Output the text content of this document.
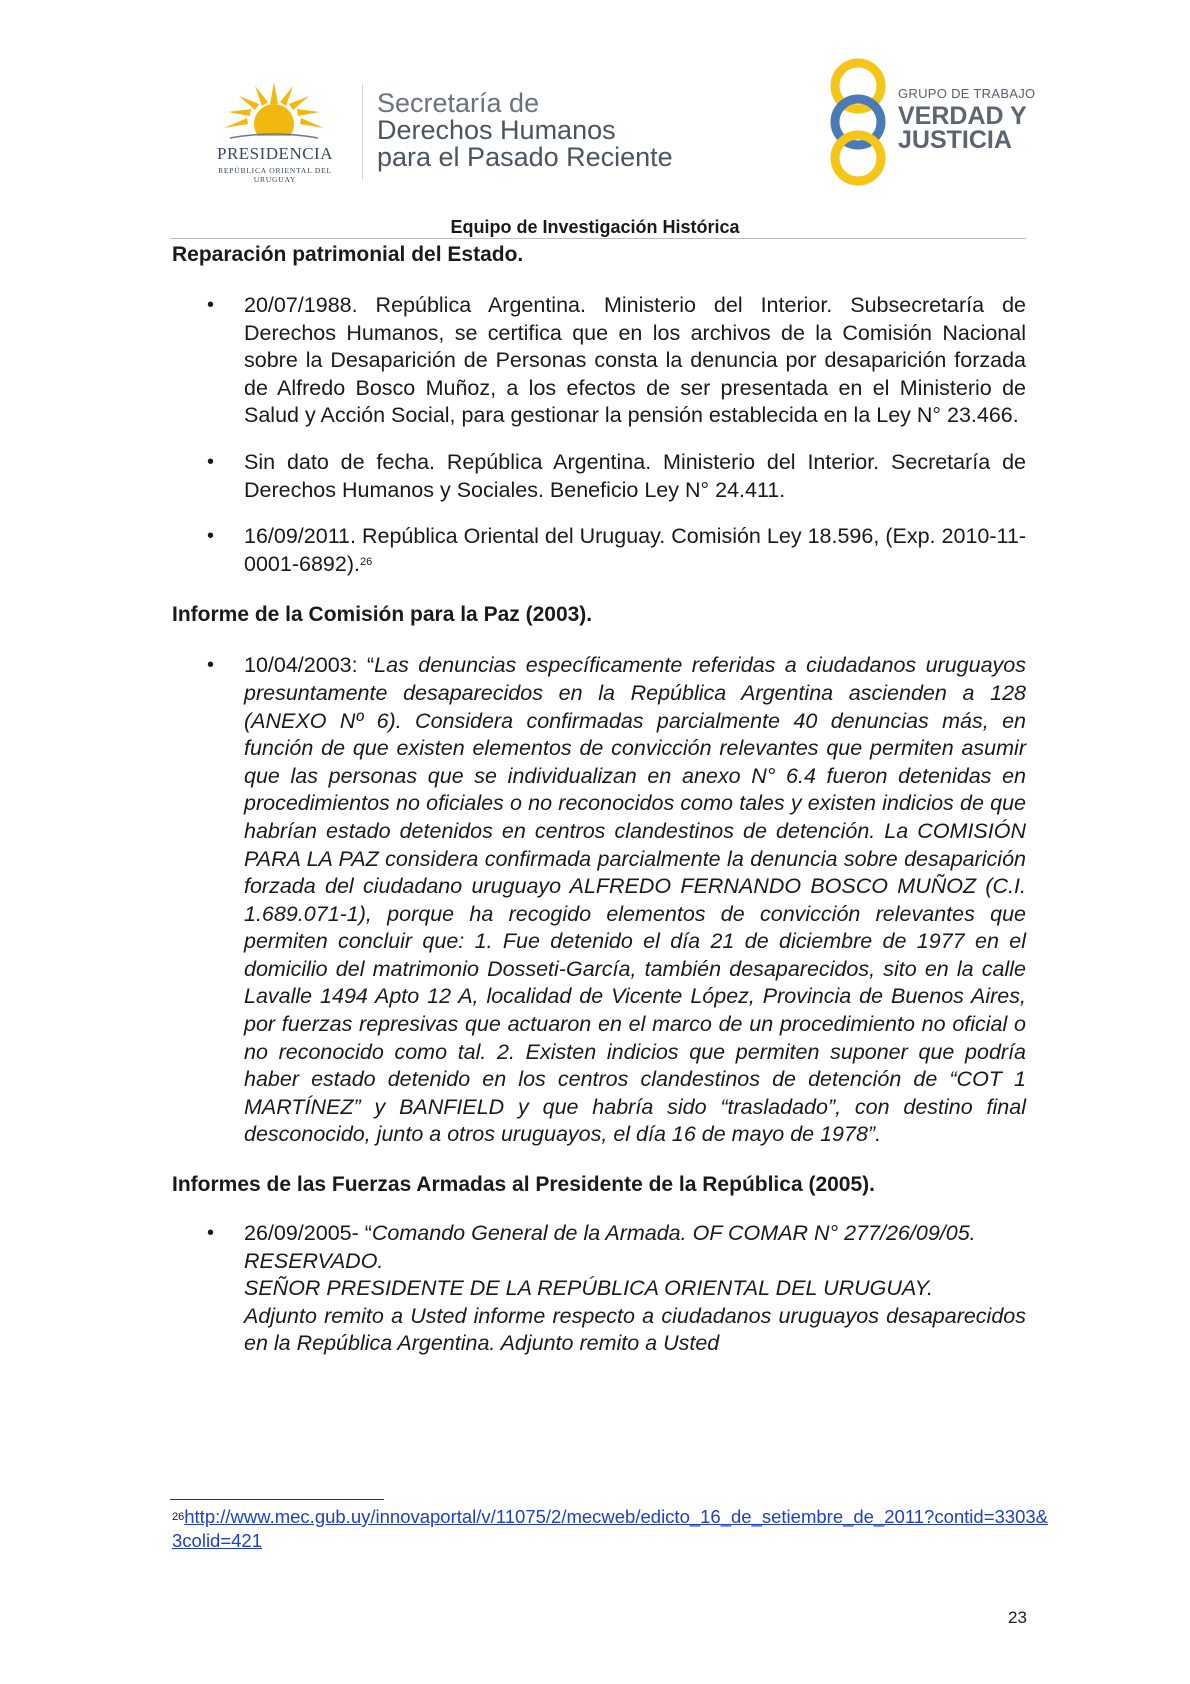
PRESIDENCIA
REPÚBLICA ORIENTAL DEL URUGUAY
Secretaría de
Derechos Humanos
para el Pasado Reciente
GRUPO DE TRABAJO
VERDAD Y
JUSTICIA
Equipo de Investigación Histórica
Reparación patrimonial del Estado.
• 20/07/1988. República Argentina. Ministerio del Interior. Subsecretaría de Derechos Humanos, se certifica que en los archivos de la Comisión Nacional sobre la Desaparición de Personas consta la denuncia por desaparición forzada de Alfredo Bosco Muñoz, a los efectos de ser presentada en el Ministerio de Salud y Acción Social, para gestionar la pensión establecida en la Ley N° 23.466.
• Sin dato de fecha. República Argentina. Ministerio del Interior. Secretaría de Derechos Humanos y Sociales. Beneficio Ley N° 24.411.
• 16/09/2011. República Oriental del Uruguay. Comisión Ley 18.596, (Exp. 2010-11-0001-6892).$^{26}$
Informe de la Comisión para la Paz (2003).
• 10/04/2003: “Las denuncias específicamente referidas a ciudadanos uruguayos presuntamente desaparecidos en la República Argentina ascienden a 128 (ANEXO Nº 6). Considera confirmadas parcialmente 40 denuncias más, en función de que existen elementos de convicción relevantes que permiten asumir que las personas que se individualizan en anexo N° 6.4 fueron detenidas en procedimientos no oficiales o no reconocidos como tales y existen indicios de que habrían estado detenidos en centros clandestinos de detención. La COMISIÓN PARA LA PAZ considera confirmada parcialmente la denuncia sobre desaparición forzada del ciudadano uruguayo ALFREDO FERNANDO BOSCO MUÑOZ (C.I. 1.689.071-1), porque ha recogido elementos de convicción relevantes que permiten concluir que: 1. Fue detenido el día 21 de diciembre de 1977 en el domicilio del matrimonio Dosseti-García, también desaparecidos, sito en la calle Lavalle 1494 Apto 12 A, localidad de Vicente López, Provincia de Buenos Aires, por fuerzas represivas que actuaron en el marco de un procedimiento no oficial o no reconocido como tal. 2. Existen indicios que permiten suponer que podría haber estado detenido en los centros clandestinos de detención de “COT 1 MARTÍNEZ” y BANFIELD y que habría sido “trasladado”, con destino final desconocido, junto a otros uruguayos, el día 16 de mayo de 1978”.
Informes de las Fuerzas Armadas al Presidente de la República (2005).
• 26/09/2005- “Comando General de la Armada. OF COMAR N° 277/26/09/05.
RESERVADO.
SEÑOR PRESIDENTE DE LA REPÚBLICA ORIENTAL DEL URUGUAY.
Adjunto remito a Usted informe respecto a ciudadanos uruguayos desaparecidos en la República Argentina. Adjunto remito a Usted
$^{26}$http://www.mec.gub.uy/innovaportal/v/11075/2/mecweb/edicto_16_de_setiembre_de_2011?contid=3303&3colid=421
23
